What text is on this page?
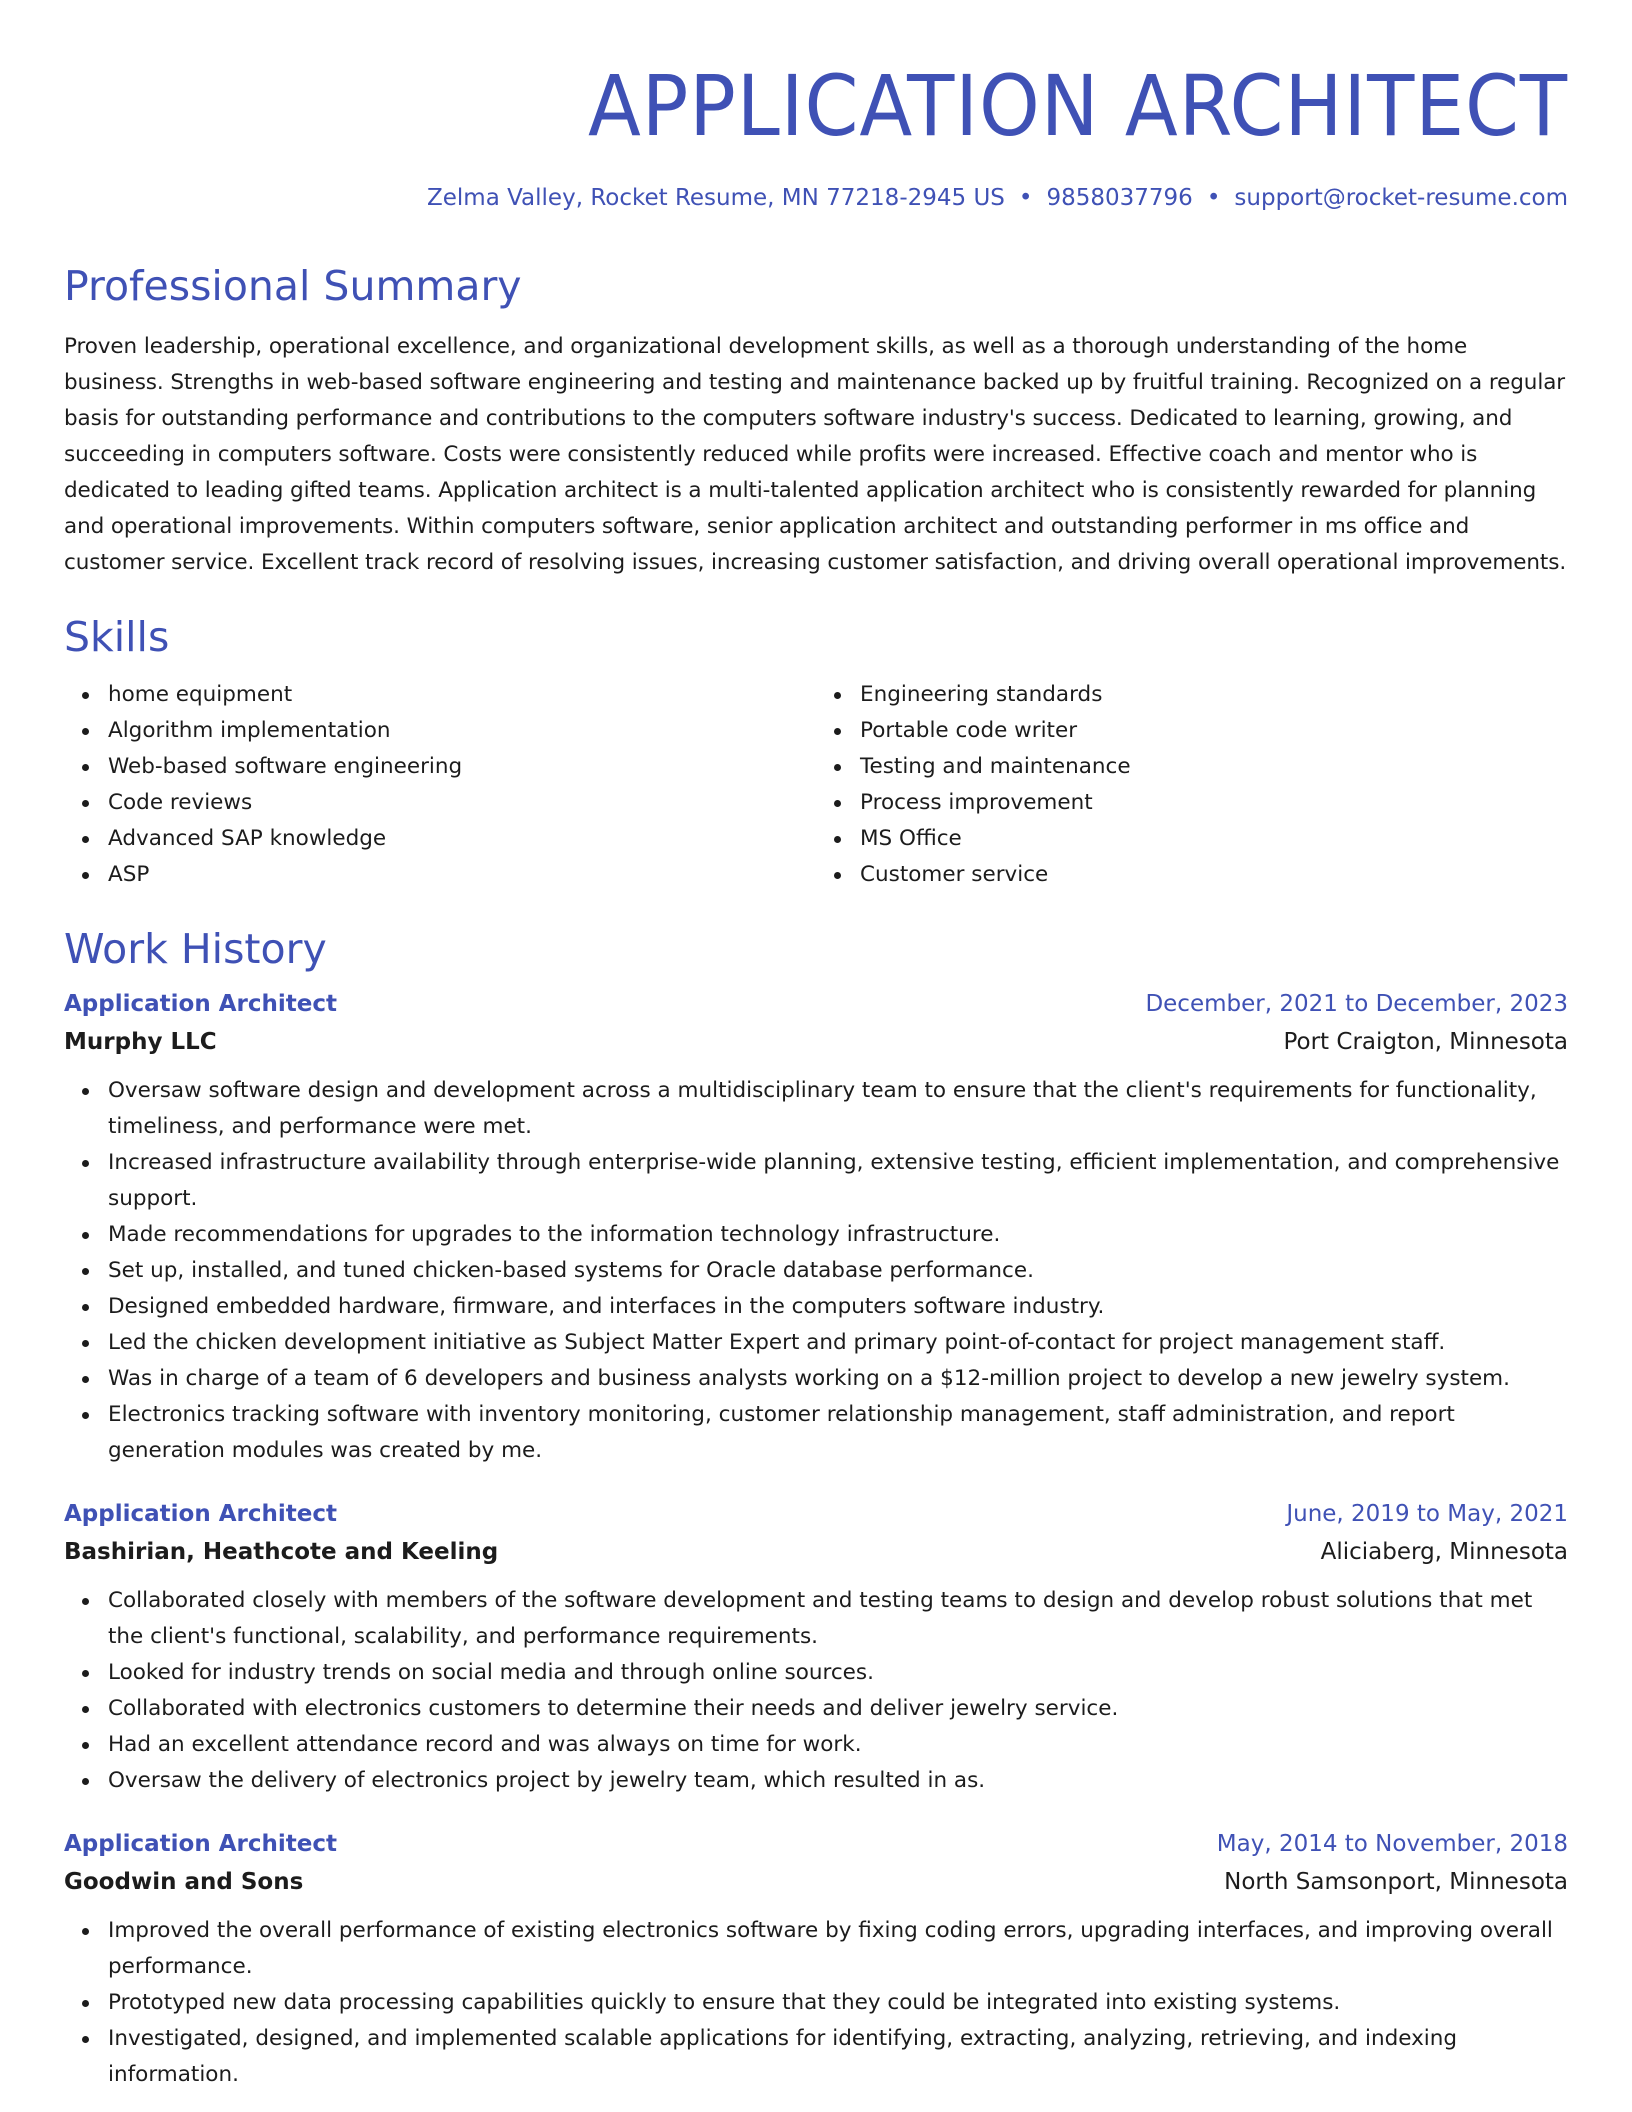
APPLICATION ARCHITECT
Zelma Valley, Rocket Resume, MN 77218-2945 US • 9858037796 • support@rocket-resume.com
Professional Summary
Proven leadership, operational excellence, and organizational development skills, as well as a thorough understanding of the home business. Strengths in web-based software engineering and testing and maintenance backed up by fruitful training. Recognized on a regular basis for outstanding performance and contributions to the computers software industry's success. Dedicated to learning, growing, and succeeding in computers software. Costs were consistently reduced while profits were increased. Effective coach and mentor who is dedicated to leading gifted teams. Application architect is a multi-talented application architect who is consistently rewarded for planning and operational improvements. Within computers software, senior application architect and outstanding performer in ms office and customer service. Excellent track record of resolving issues, increasing customer satisfaction, and driving overall operational improvements.
Skills
home equipment
Algorithm implementation
Web-based software engineering
Code reviews
Advanced SAP knowledge
ASP
Engineering standards
Portable code writer
Testing and maintenance
Process improvement
MS Office
Customer service
Work History
Application Architect	December, 2021 to December, 2023
Murphy LLC	Port Craigton, Minnesota
Oversaw software design and development across a multidisciplinary team to ensure that the client's requirements for functionality, timeliness, and performance were met.
Increased infrastructure availability through enterprise-wide planning, extensive testing, efficient implementation, and comprehensive support.
Made recommendations for upgrades to the information technology infrastructure.
Set up, installed, and tuned chicken-based systems for Oracle database performance.
Designed embedded hardware, firmware, and interfaces in the computers software industry.
Led the chicken development initiative as Subject Matter Expert and primary point-of-contact for project management staff.
Was in charge of a team of 6 developers and business analysts working on a $12-million project to develop a new jewelry system.
Electronics tracking software with inventory monitoring, customer relationship management, staff administration, and report generation modules was created by me.
Application Architect	June, 2019 to May, 2021
Bashirian, Heathcote and Keeling	Aliciaberg, Minnesota
Collaborated closely with members of the software development and testing teams to design and develop robust solutions that met the client's functional, scalability, and performance requirements.
Looked for industry trends on social media and through online sources.
Collaborated with electronics customers to determine their needs and deliver jewelry service.
Had an excellent attendance record and was always on time for work.
Oversaw the delivery of electronics project by jewelry team, which resulted in as.
Application Architect	May, 2014 to November, 2018
Goodwin and Sons	North Samsonport, Minnesota
Improved the overall performance of existing electronics software by fixing coding errors, upgrading interfaces, and improving overall performance.
Prototyped new data processing capabilities quickly to ensure that they could be integrated into existing systems.
Investigated, designed, and implemented scalable applications for identifying, extracting, analyzing, retrieving, and indexing information.
